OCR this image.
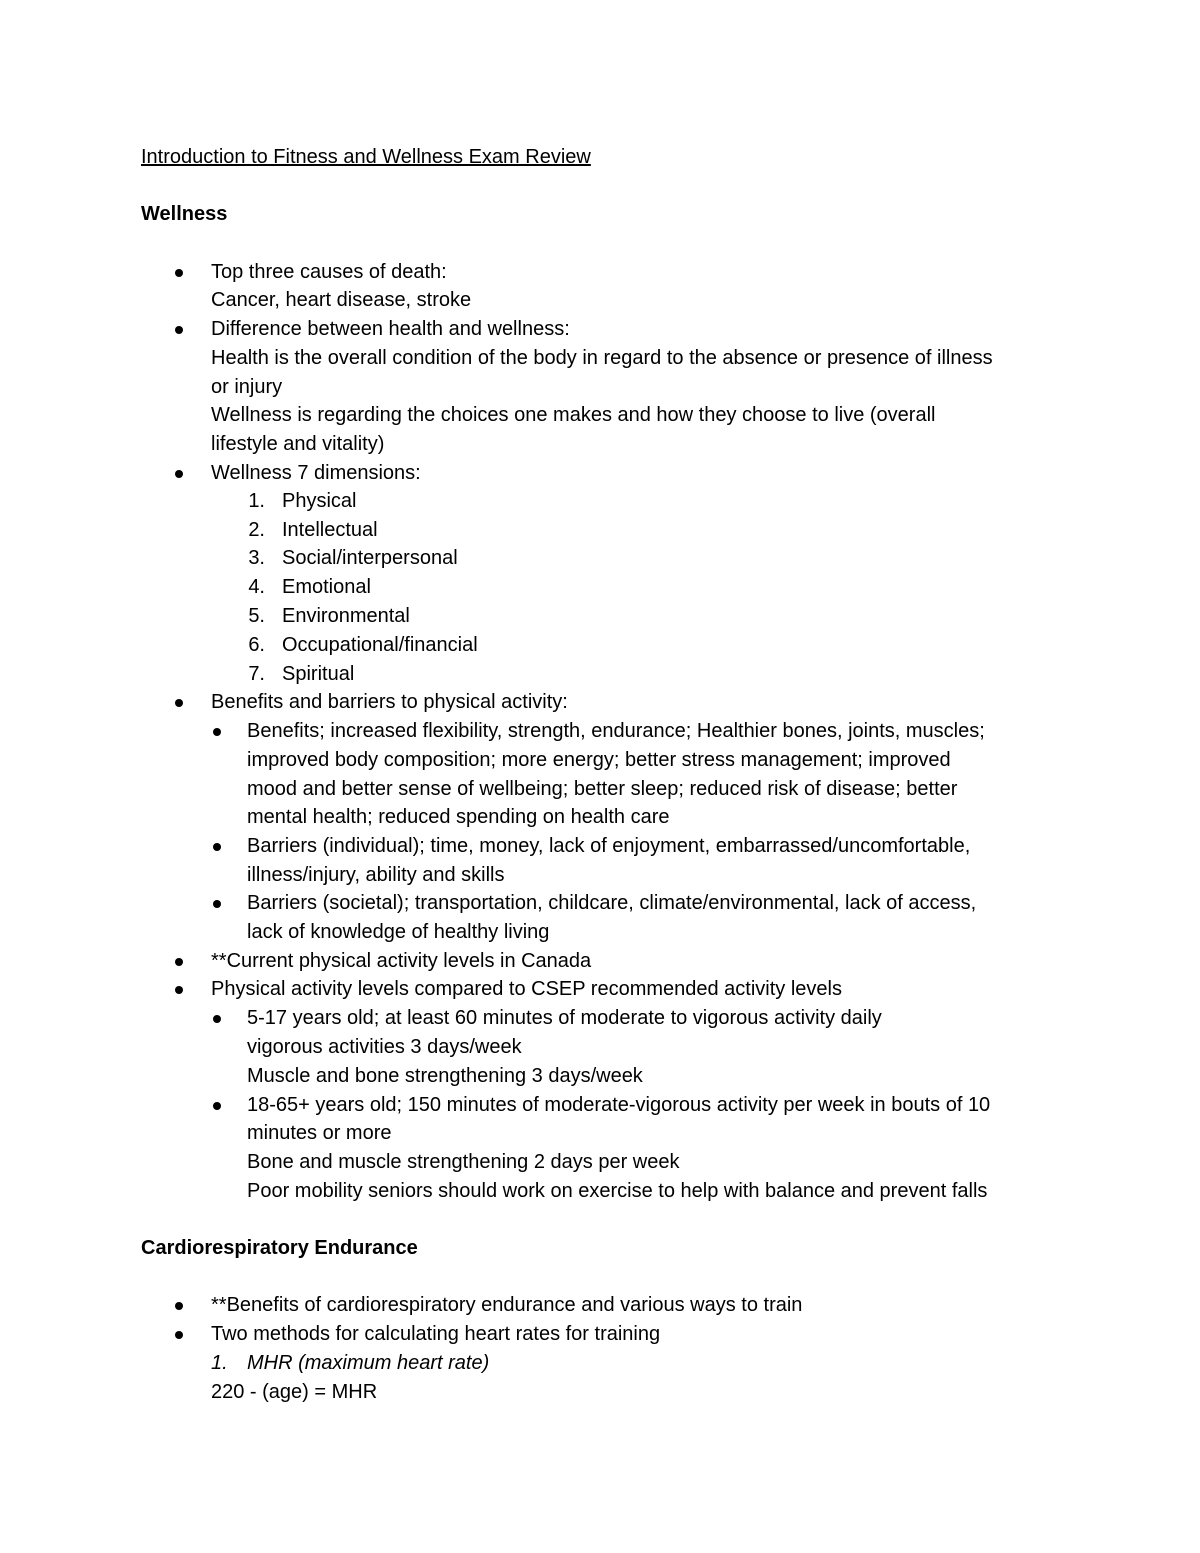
Introduction to Fitness and Wellness Exam Review
Wellness
Top three causes of death:
Cancer, heart disease, stroke
Difference between health and wellness:
Health is the overall condition of the body in regard to the absence or presence of illness
or injury
Wellness is regarding the choices one makes and how they choose to live (overall
lifestyle and vitality)
Wellness 7 dimensions:
1. Physical
2. Intellectual
3. Social/interpersonal
4. Emotional
5. Environmental
6. Occupational/financial
7. Spiritual
Benefits and barriers to physical activity:
Benefits; increased flexibility, strength, endurance; Healthier bones, joints, muscles;
improved body composition; more energy; better stress management; improved
mood and better sense of wellbeing; better sleep; reduced risk of disease; better
mental health; reduced spending on health care
Barriers (individual); time, money, lack of enjoyment, embarrassed/uncomfortable,
illness/injury, ability and skills
Barriers (societal); transportation, childcare, climate/environmental, lack of access,
lack of knowledge of healthy living
**Current physical activity levels in Canada
Physical activity levels compared to CSEP recommended activity levels
5-17 years old; at least 60 minutes of moderate to vigorous activity daily
vigorous activities 3 days/week
Muscle and bone strengthening 3 days/week
18-65+ years old; 150 minutes of moderate-vigorous activity per week in bouts of 10
minutes or more
Bone and muscle strengthening 2 days per week
Poor mobility seniors should work on exercise to help with balance and prevent falls
Cardiorespiratory Endurance
**Benefits of cardiorespiratory endurance and various ways to train
Two methods for calculating heart rates for training
1. MHR (maximum heart rate)
220 - (age) = MHR
